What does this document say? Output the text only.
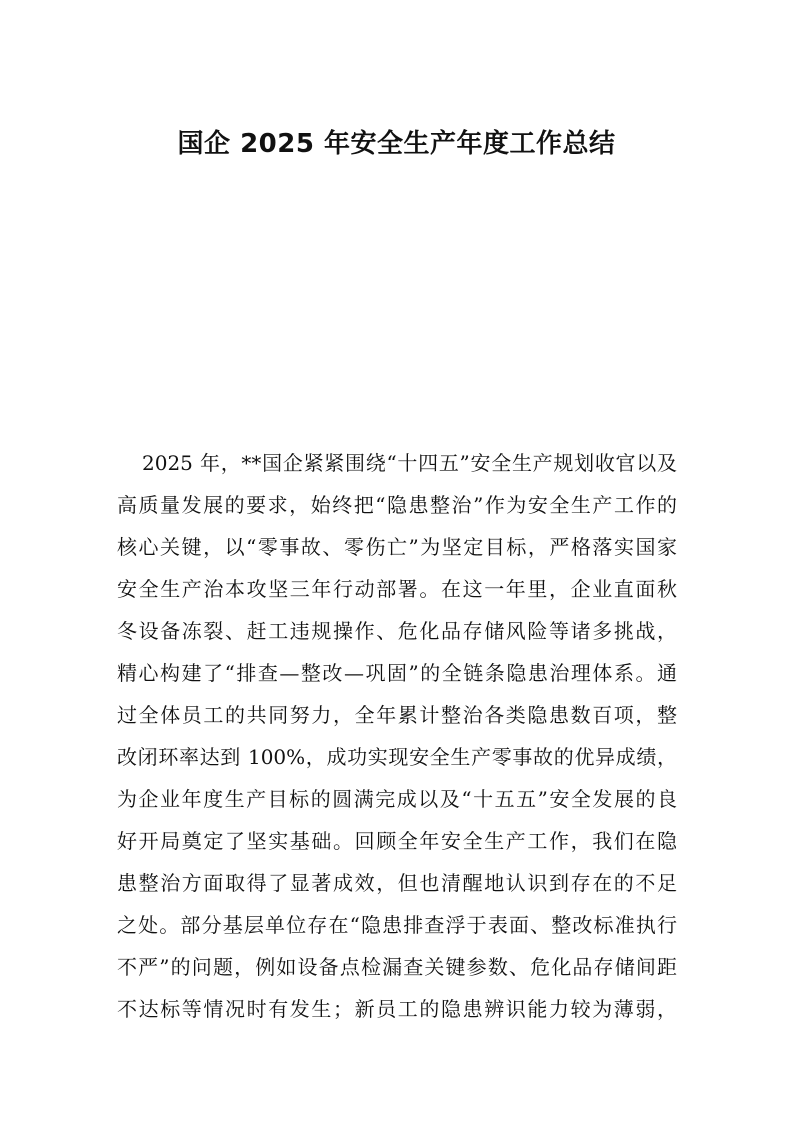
国企 2025 年安全生产年度工作总结
2025 年，**国企紧紧围绕“十四五”安全生产规划收官以及
高质量发展的要求，始终把“隐患整治”作为安全生产工作的
核心关键，以“零事故、零伤亡”为坚定目标，严格落实国家
安全生产治本攻坚三年行动部署。在这一年里，企业直面秋
冬设备冻裂、赶工违规操作、危化品存储风险等诸多挑战，
精心构建了“排查—整改—巩固”的全链条隐患治理体系。通
过全体员工的共同努力，全年累计整治各类隐患数百项，整
改闭环率达到 100%，成功实现安全生产零事故的优异成绩，
为企业年度生产目标的圆满完成以及“十五五”安全发展的良
好开局奠定了坚实基础。回顾全年安全生产工作，我们在隐
患整治方面取得了显著成效，但也清醒地认识到存在的不足
之处。部分基层单位存在“隐患排查浮于表面、整改标准执行
不严”的问题，例如设备点检漏查关键参数、危化品存储间距
不达标等情况时有发生；新员工的隐患辨识能力较为薄弱，
